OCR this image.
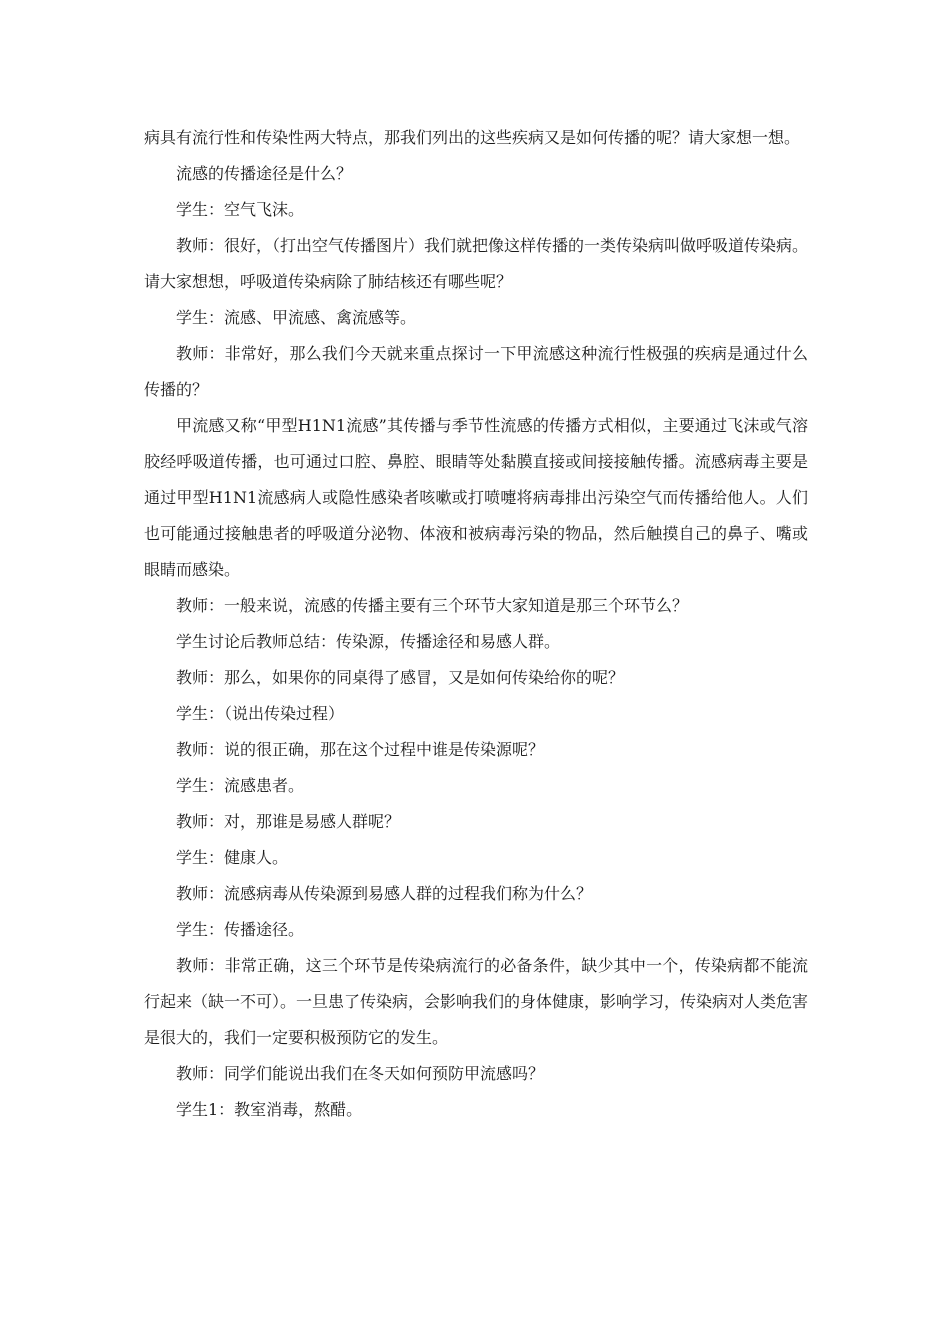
病具有流行性和传染性两大特点，那我们列出的这些疾病又是如何传播的呢？请大家想一想。

流感的传播途径是什么？

学生：空气飞沫。

教师：很好，（打出空气传播图片）我们就把像这样传播的一类传染病叫做呼吸道传染病。请大家想想，呼吸道传染病除了肺结核还有哪些呢？

学生：流感、甲流感、禽流感等。

教师：非常好，那么我们今天就来重点探讨一下甲流感这种流行性极强的疾病是通过什么传播的？

甲流感又称“甲型H1N1流感”其传播与季节性流感的传播方式相似，主要通过飞沫或气溶胶经呼吸道传播，也可通过口腔、鼻腔、眼睛等处黏膜直接或间接接触传播。流感病毒主要是通过甲型H1N1流感病人或隐性感染者咳嗽或打喷嚏将病毒排出污染空气而传播给他人。人们也可能通过接触患者的呼吸道分泌物、体液和被病毒污染的物品，然后触摸自己的鼻子、嘴或眼睛而感染。

教师：一般来说，流感的传播主要有三个环节大家知道是那三个环节么？

学生讨论后教师总结：传染源，传播途径和易感人群。

教师：那么，如果你的同桌得了感冒，又是如何传染给你的呢？

学生：（说出传染过程）

教师：说的很正确，那在这个过程中谁是传染源呢？

学生：流感患者。

教师：对，那谁是易感人群呢？

学生：健康人。

教师：流感病毒从传染源到易感人群的过程我们称为什么？

学生：传播途径。

教师：非常正确，这三个环节是传染病流行的必备条件，缺少其中一个，传染病都不能流行起来（缺一不可）。一旦患了传染病，会影响我们的身体健康，影响学习，传染病对人类危害是很大的，我们一定要积极预防它的发生。

教师：同学们能说出我们在冬天如何预防甲流感吗？

学生1：教室消毒，熬醋。
